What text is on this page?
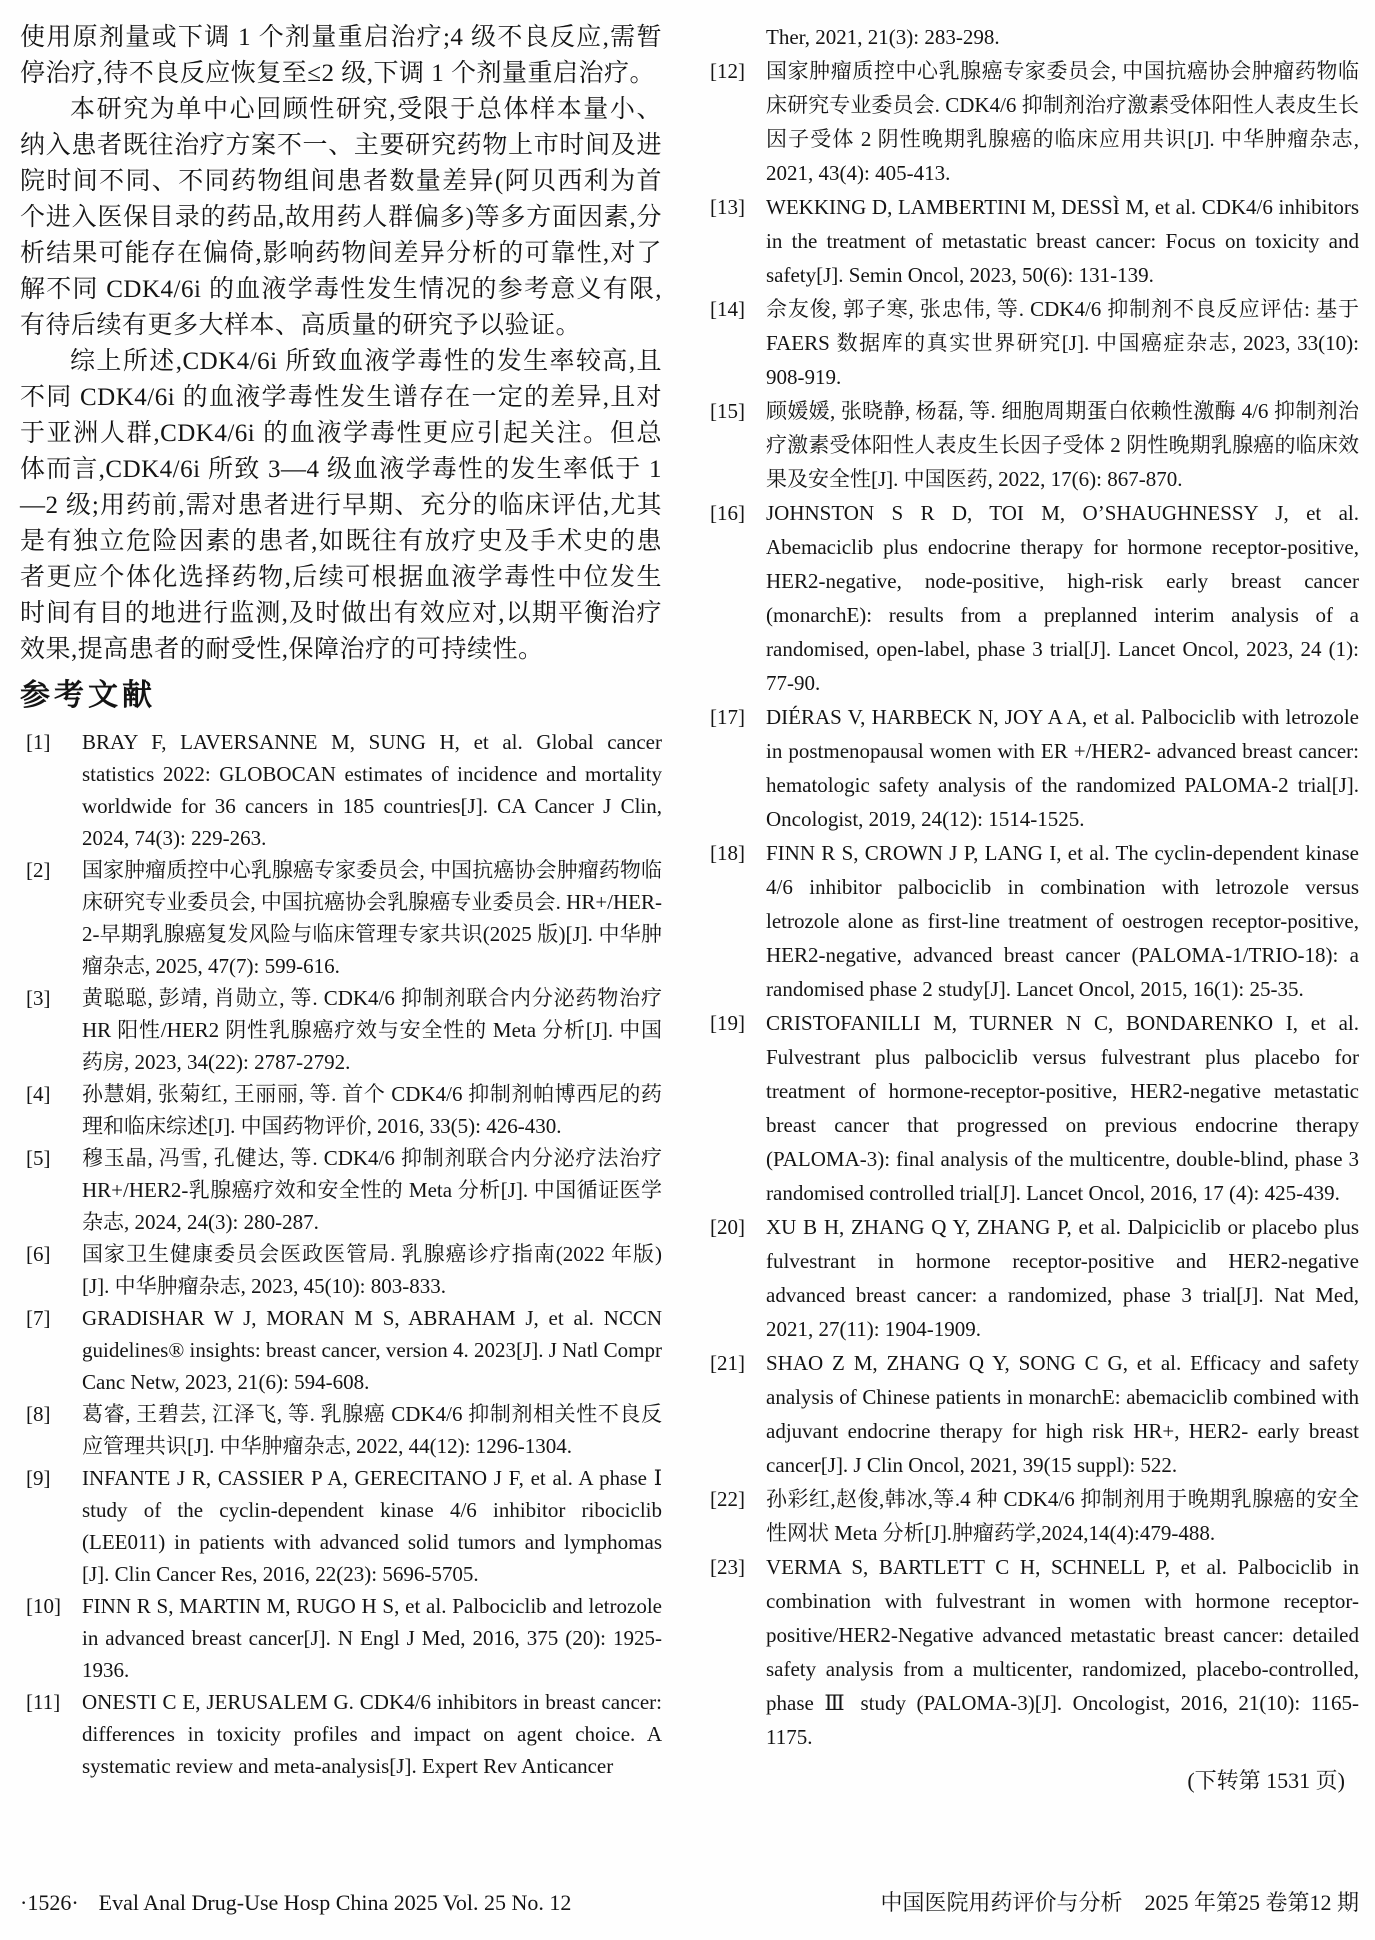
使用原剂量或下调 1 个剂量重启治疗;4 级不良反应,需暂停治疗,待不良反应恢复至≤2 级,下调 1 个剂量重启治疗。

本研究为单中心回顾性研究,受限于总体样本量小、纳入患者既往治疗方案不一、主要研究药物上市时间及进院时间不同、不同药物组间患者数量差异(阿贝西利为首个进入医保目录的药品,故用药人群偏多)等多方面因素,分析结果可能存在偏倚,影响药物间差异分析的可靠性,对了解不同 CDK4/6i 的血液学毒性发生情况的参考意义有限,有待后续有更多大样本、高质量的研究予以验证。

综上所述,CDK4/6i 所致血液学毒性的发生率较高,且不同 CDK4/6i 的血液学毒性发生谱存在一定的差异,且对于亚洲人群,CDK4/6i 的血液学毒性更应引起关注。但总体而言,CDK4/6i 所致 3—4 级血液学毒性的发生率低于 1—2 级;用药前,需对患者进行早期、充分的临床评估,尤其是有独立危险因素的患者,如既往有放疗史及手术史的患者更应个体化选择药物,后续可根据血液学毒性中位发生时间有目的地进行监测,及时做出有效应对,以期平衡治疗效果,提高患者的耐受性,保障治疗的可持续性。

参考文献
[1]	BRAY F, LAVERSANNE M, SUNG H, et al. Global cancer statistics 2022: GLOBOCAN estimates of incidence and mortality worldwide for 36 cancers in 185 countries[J]. CA Cancer J Clin, 2024, 74(3): 229-263.
[2]	国家肿瘤质控中心乳腺癌专家委员会, 中国抗癌协会肿瘤药物临床研究专业委员会, 中国抗癌协会乳腺癌专业委员会. HR+/HER-2-早期乳腺癌复发风险与临床管理专家共识(2025 版)[J]. 中华肿瘤杂志, 2025, 47(7): 599-616.
[3]	黄聪聪, 彭靖, 肖勋立, 等. CDK4/6 抑制剂联合内分泌药物治疗 HR 阳性/HER2 阴性乳腺癌疗效与安全性的 Meta 分析[J]. 中国药房, 2023, 34(22): 2787-2792.
[4]	孙慧娟, 张菊红, 王丽丽, 等. 首个 CDK4/6 抑制剂帕博西尼的药理和临床综述[J]. 中国药物评价, 2016, 33(5): 426-430.
[5]	穆玉晶, 冯雪, 孔健达, 等. CDK4/6 抑制剂联合内分泌疗法治疗 HR+/HER2-乳腺癌疗效和安全性的 Meta 分析[J]. 中国循证医学杂志, 2024, 24(3): 280-287.
[6]	国家卫生健康委员会医政医管局. 乳腺癌诊疗指南(2022 年版)[J]. 中华肿瘤杂志, 2023, 45(10): 803-833.
[7]	GRADISHAR W J, MORAN M S, ABRAHAM J, et al. NCCN guidelines® insights: breast cancer, version 4. 2023[J]. J Natl Compr Canc Netw, 2023, 21(6): 594-608.
[8]	葛睿, 王碧芸, 江泽飞, 等. 乳腺癌 CDK4/6 抑制剂相关性不良反应管理共识[J]. 中华肿瘤杂志, 2022, 44(12): 1296-1304.
[9]	INFANTE J R, CASSIER P A, GERECITANO J F, et al. A phase Ⅰ study of the cyclin-dependent kinase 4/6 inhibitor ribociclib (LEE011) in patients with advanced solid tumors and lymphomas [J]. Clin Cancer Res, 2016, 22(23): 5696-5705.
[10]	FINN R S, MARTIN M, RUGO H S, et al. Palbociclib and letrozole in advanced breast cancer[J]. N Engl J Med, 2016, 375 (20): 1925-1936.
[11]	ONESTI C E, JERUSALEM G. CDK4/6 inhibitors in breast cancer: differences in toxicity profiles and impact on agent choice. A systematic review and meta-analysis[J]. Expert Rev Anticancer
Ther, 2021, 21(3): 283-298.
[12]	国家肿瘤质控中心乳腺癌专家委员会, 中国抗癌协会肿瘤药物临床研究专业委员会. CDK4/6 抑制剂治疗激素受体阳性人表皮生长因子受体 2 阴性晚期乳腺癌的临床应用共识[J]. 中华肿瘤杂志, 2021, 43(4): 405-413.
[13]	WEKKING D, LAMBERTINI M, DESSÌ M, et al. CDK4/6 inhibitors in the treatment of metastatic breast cancer: Focus on toxicity and safety[J]. Semin Oncol, 2023, 50(6): 131-139.
[14]	佘友俊, 郭子寒, 张忠伟, 等. CDK4/6 抑制剂不良反应评估: 基于 FAERS 数据库的真实世界研究[J]. 中国癌症杂志, 2023, 33(10): 908-919.
[15]	顾媛媛, 张晓静, 杨磊, 等. 细胞周期蛋白依赖性激酶 4/6 抑制剂治疗激素受体阳性人表皮生长因子受体 2 阴性晚期乳腺癌的临床效果及安全性[J]. 中国医药, 2022, 17(6): 867-870.
[16]	JOHNSTON S R D, TOI M, O’SHAUGHNESSY J, et al. Abemaciclib plus endocrine therapy for hormone receptor-positive, HER2-negative, node-positive, high-risk early breast cancer (monarchE): results from a preplanned interim analysis of a randomised, open-label, phase 3 trial[J]. Lancet Oncol, 2023, 24 (1): 77-90.
[17]	DIÉRAS V, HARBECK N, JOY A A, et al. Palbociclib with letrozole in postmenopausal women with ER +/HER2- advanced breast cancer: hematologic safety analysis of the randomized PALOMA-2 trial[J]. Oncologist, 2019, 24(12): 1514-1525.
[18]	FINN R S, CROWN J P, LANG I, et al. The cyclin-dependent kinase 4/6 inhibitor palbociclib in combination with letrozole versus letrozole alone as first-line treatment of oestrogen receptor-positive, HER2-negative, advanced breast cancer (PALOMA-1/TRIO-18): a randomised phase 2 study[J]. Lancet Oncol, 2015, 16(1): 25-35.
[19]	CRISTOFANILLI M, TURNER N C, BONDARENKO I, et al. Fulvestrant plus palbociclib versus fulvestrant plus placebo for treatment of hormone-receptor-positive, HER2-negative metastatic breast cancer that progressed on previous endocrine therapy (PALOMA-3): final analysis of the multicentre, double-blind, phase 3 randomised controlled trial[J]. Lancet Oncol, 2016, 17 (4): 425-439.
[20]	XU B H, ZHANG Q Y, ZHANG P, et al. Dalpiciclib or placebo plus fulvestrant in hormone receptor-positive and HER2-negative advanced breast cancer: a randomized, phase 3 trial[J]. Nat Med, 2021, 27(11): 1904-1909.
[21]	SHAO Z M, ZHANG Q Y, SONG C G, et al. Efficacy and safety analysis of Chinese patients in monarchE: abemaciclib combined with adjuvant endocrine therapy for high risk HR+, HER2- early breast cancer[J]. J Clin Oncol, 2021, 39(15 suppl): 522.
[22]	孙彩红,赵俊,韩冰,等.4 种 CDK4/6 抑制剂用于晚期乳腺癌的安全性网状 Meta 分析[J].肿瘤药学,2024,14(4):479-488.
[23]	VERMA S, BARTLETT C H, SCHNELL P, et al. Palbociclib in combination with fulvestrant in women with hormone receptor-positive/HER2-Negative advanced metastatic breast cancer: detailed safety analysis from a multicenter, randomized, placebo-controlled, phase Ⅲ study (PALOMA-3)[J]. Oncologist, 2016, 21(10): 1165-1175.
(下转第 1531 页)
·1526· Eval Anal Drug-Use Hosp China 2025 Vol. 25 No. 12	中国医院用药评价与分析　2025 年第25 卷第12 期
